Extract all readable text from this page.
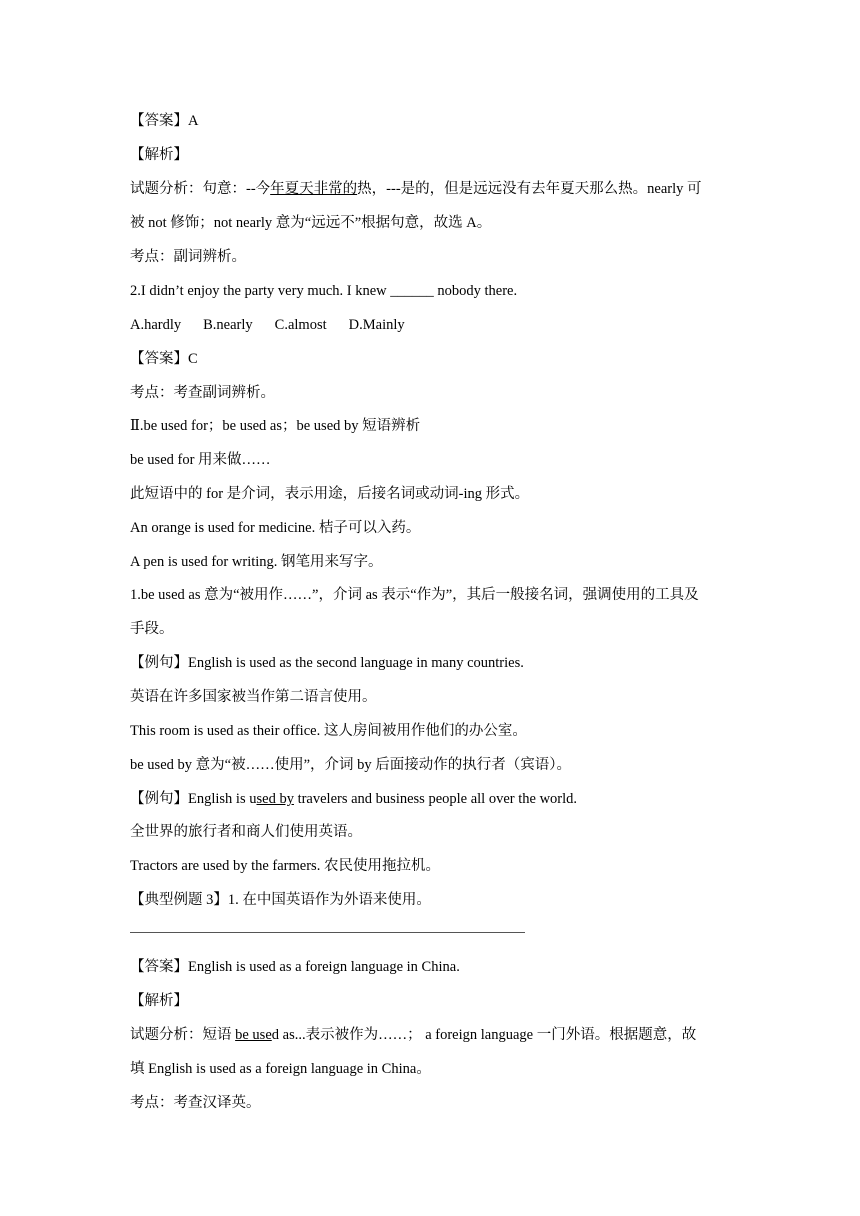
【答案】A
【解析】
试题分析：句意：--今年夏天非常的热，---是的，但是远远没有去年夏天那么热。nearly 可
被 not 修饰；not nearly 意为“远远不”根据句意，故选 A。
考点：副词辨析。
2.I didn’t enjoy the party very much. I knew ______ nobody there.
A.hardly B.nearly C.almost D.Mainly
【答案】C
考点：考查副词辨析。
Ⅱ.be used for；be used as；be used by 短语辨析
be used for 用来做……
此短语中的 for 是介词，表示用途，后接名词或动词-ing 形式。
An orange is used for medicine. 桔子可以入药。
A pen is used for writing. 钢笔用来写字。
1.be used as 意为“被用作……”，介词 as 表示“作为”，其后一般接名词，强调使用的工具及
手段。
【例句】English is used as the second language in many countries.
英语在许多国家被当作第二语言使用。
This room is used as their office. 这人房间被用作他们的办公室。
be used by 意为“被……使用”，介词 by 后面接动作的执行者（宾语）。
【例句】English is used by travelers and business people all over the world.
全世界的旅行者和商人们使用英语。
Tractors are used by the farmers. 农民使用拖拉机。
【典型例题 3】1. 在中国英语作为外语来使用。
【答案】English is used as a foreign language in China.
【解析】
试题分析：短语 be used as...表示被作为……； a foreign language 一门外语。根据题意，故
填 English is used as a foreign language in China。
考点：考查汉译英。
